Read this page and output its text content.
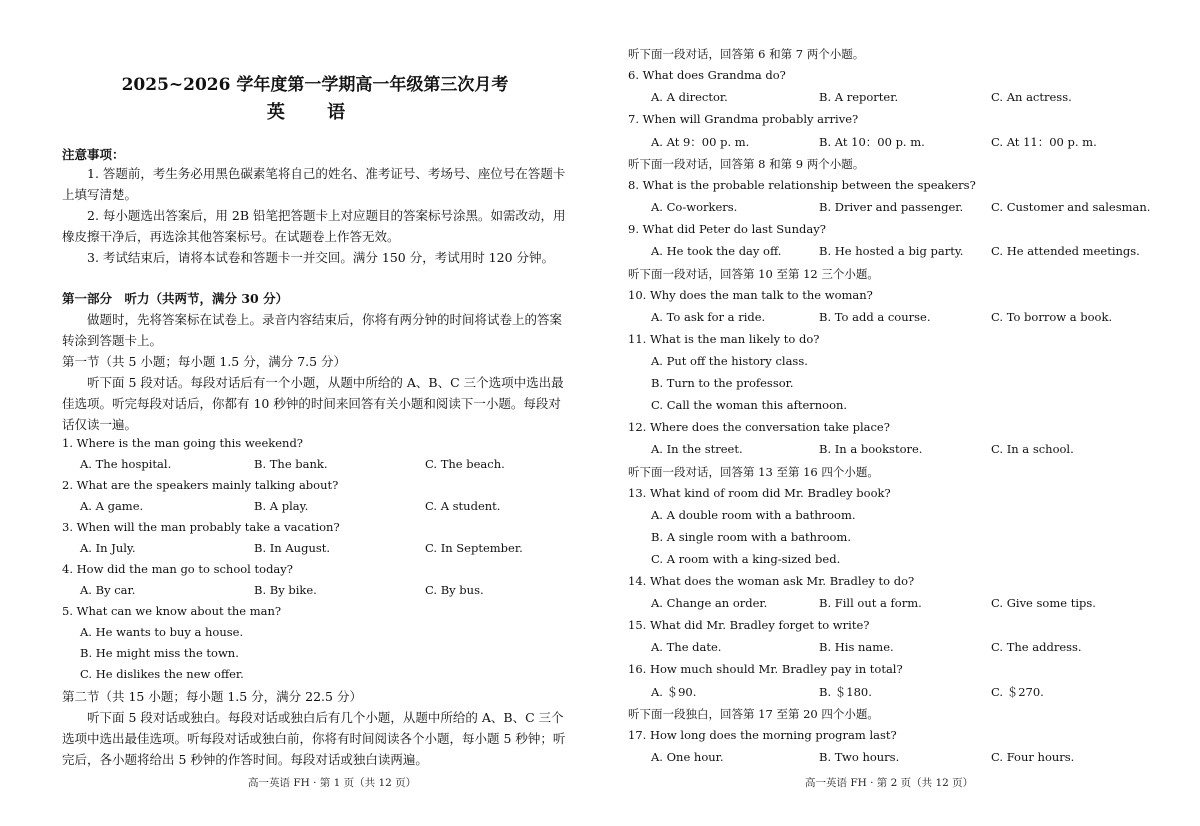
2025~2026 学年度第一学期高一年级第三次月考
英 语
注意事项：
1. 答题前，考生务必用黑色碳素笔将自己的姓名、准考证号、考场号、座位号在答题卡上填写清楚。
2. 每小题选出答案后，用 2B 铅笔把答题卡上对应题目的答案标号涂黑。如需改动，用橡皮擦干净后，再选涂其他答案标号。在试题卷上作答无效。
3. 考试结束后，请将本试卷和答题卡一并交回。满分 150 分，考试用时 120 分钟。
第一部分　听力（共两节，满分 30 分）
做题时，先将答案标在试卷上。录音内容结束后，你将有两分钟的时间将试卷上的答案转涂到答题卡上。
第一节（共 5 小题；每小题 1.5 分，满分 7.5 分）
听下面 5 段对话。每段对话后有一个小题，从题中所给的 A、B、C 三个选项中选出最佳选项。听完每段对话后，你都有 10 秒钟的时间来回答有关小题和阅读下一小题。每段对话仅读一遍。
1. Where is the man going this weekend?
A. The hospital.	B. The bank.	C. The beach.
2. What are the speakers mainly talking about?
A. A game.	B. A play.	C. A student.
3. When will the man probably take a vacation?
A. In July.	B. In August.	C. In September.
4. How did the man go to school today?
A. By car.	B. By bike.	C. By bus.
5. What can we know about the man?
A. He wants to buy a house.
B. He might miss the town.
C. He dislikes the new offer.
第二节（共 15 小题；每小题 1.5 分，满分 22.5 分）
听下面 5 段对话或独白。每段对话或独白后有几个小题，从题中所给的 A、B、C 三个选项中选出最佳选项。听每段对话或独白前，你将有时间阅读各个小题，每小题 5 秒钟；听完后，各小题将给出 5 秒钟的作答时间。每段对话或独白读两遍。
高一英语 FH · 第 1 页（共 12 页）
听下面一段对话，回答第 6 和第 7 两个小题。
6. What does Grandma do?
A. A director.	B. A reporter.	C. An actress.
7. When will Grandma probably arrive?
A. At 9：00 p. m.	B. At 10：00 p. m.	C. At 11：00 p. m.
听下面一段对话，回答第 8 和第 9 两个小题。
8. What is the probable relationship between the speakers?
A. Co-workers.	B. Driver and passenger. C. Customer and salesman.
9. What did Peter do last Sunday?
A. He took the day off.	B. He hosted a big party. C. He attended meetings.
听下面一段对话，回答第 10 至第 12 三个小题。
10. Why does the man talk to the woman?
A. To ask for a ride.	B. To add a course.	C. To borrow a book.
11. What is the man likely to do?
A. Put off the history class.
B. Turn to the professor.
C. Call the woman this afternoon.
12. Where does the conversation take place?
A. In the street.	B. In a bookstore.	C. In a school.
听下面一段对话，回答第 13 至第 16 四个小题。
13. What kind of room did Mr. Bradley book?
A. A double room with a bathroom.
B. A single room with a bathroom.
C. A room with a king-sized bed.
14. What does the woman ask Mr. Bradley to do?
A. Change an order.	B. Fill out a form.	C. Give some tips.
15. What did Mr. Bradley forget to write?
A. The date.	B. His name.	C. The address.
16. How much should Mr. Bradley pay in total?
A. ＄90.	B. ＄180.	C. ＄270.
听下面一段独白，回答第 17 至第 20 四个小题。
17. How long does the morning program last?
A. One hour.	B. Two hours.	C. Four hours.
高一英语 FH · 第 2 页（共 12 页）
